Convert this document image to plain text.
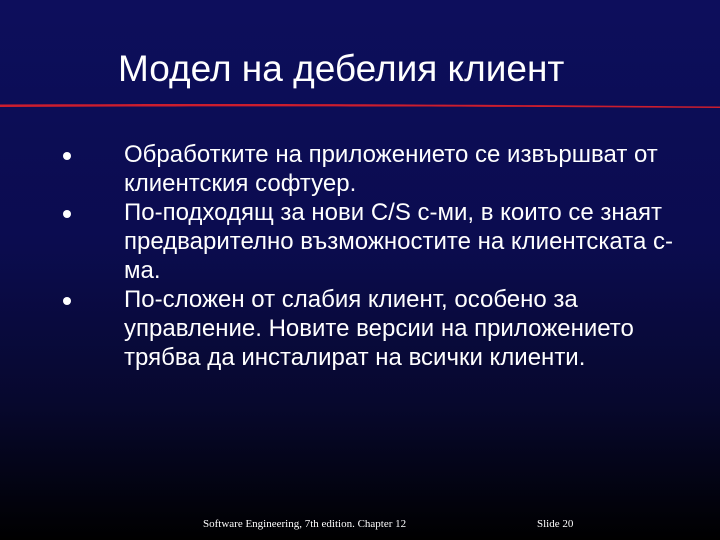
Модел на дебелия клиент
Обработките на приложението се извършват от клиентския софтуер.
По-подходящ за нови C/S с-ми, в които се знаят предварително възможностите на клиентската с-ма.
По-сложен от слабия клиент, особено за управление. Новите версии на приложението трябва да инсталират на всички клиенти.
Software Engineering, 7th edition. Chapter 12	Slide 20
